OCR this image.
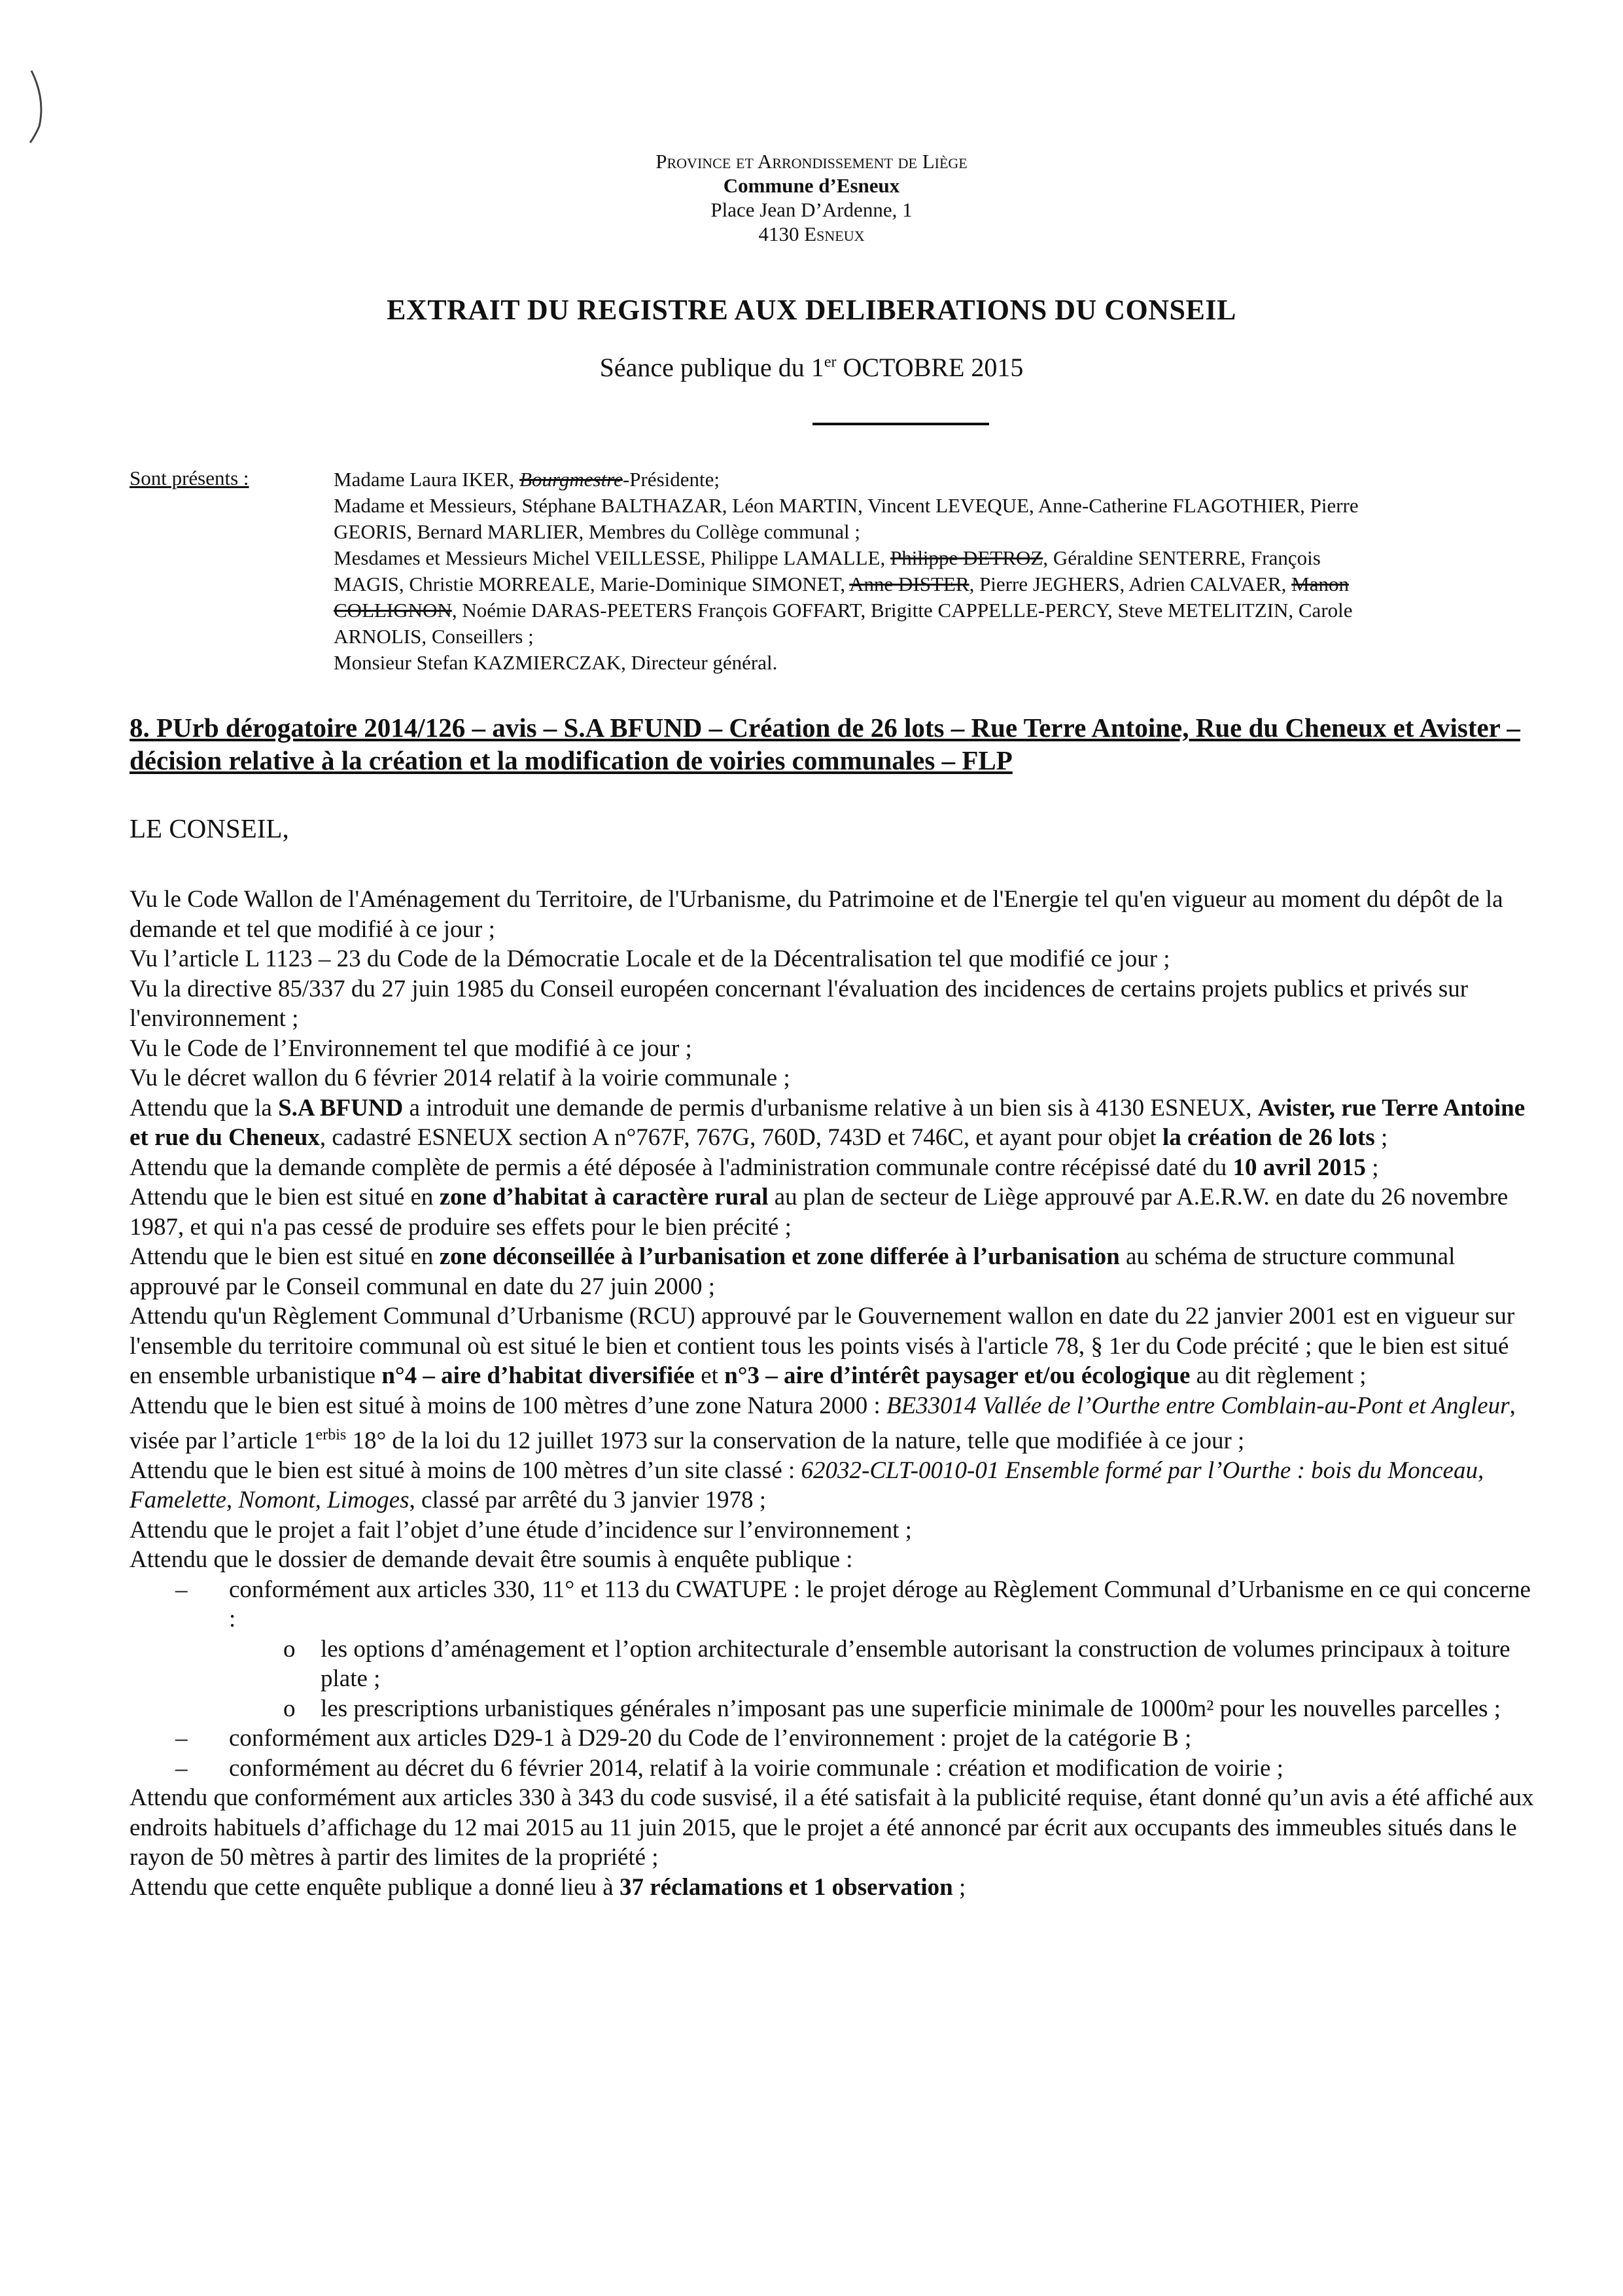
Province et Arrondissement de Liège
Commune d’Esneux
Place Jean D’Ardenne, 1
4130 Esneux
EXTRAIT DU REGISTRE AUX DELIBERATIONS DU CONSEIL
Séance publique du 1er OCTOBRE 2015
Sont présents :	Madame Laura IKER, Bourgmestre-Présidente;

Madame et Messieurs, Stéphane BALTHAZAR, Léon MARTIN, Vincent LEVEQUE, Anne-Catherine FLAGOTHIER, Pierre GEORIS, Bernard MARLIER, Membres du Collège communal ;

Mesdames et Messieurs Michel VEILLESSE, Philippe LAMALLE, Philippe DETROZ, Géraldine SENTERRE, François MAGIS, Christie MORREALE, Marie-Dominique SIMONET, Anne DISTER, Pierre JEGHERS, Adrien CALVAER, Manon COLLIGNON, Noémie DARAS-PEETERS François GOFFART, Brigitte CAPPELLE-PERCY, Steve METELITZIN, Carole ARNOLIS, Conseillers ;

Monsieur Stefan KAZMIERCZAK, Directeur général.

8. PUrb dérogatoire 2014/126 – avis – S.A BFUND – Création de 26 lots – Rue Terre Antoine, Rue du Cheneux et Avister – décision relative à la création et la modification de voiries communales – FLP
LE CONSEIL,

Vu le Code Wallon de l'Aménagement du Territoire, de l'Urbanisme, du Patrimoine et de l'Energie tel qu'en vigueur au moment du dépôt de la demande et tel que modifié à ce jour ;

Vu l’article L 1123 – 23 du Code de la Démocratie Locale et de la Décentralisation tel que modifié ce jour ;

Vu la directive 85/337 du 27 juin 1985 du Conseil européen concernant l'évaluation des incidences de certains projets publics et privés sur l'environnement ;

Vu le Code de l’Environnement tel que modifié à ce jour ;

Vu le décret wallon du 6 février 2014 relatif à la voirie communale ;

Attendu que la S.A BFUND a introduit une demande de permis d'urbanisme relative à un bien sis à 4130 ESNEUX, Avister, rue Terre Antoine et rue du Cheneux, cadastré ESNEUX section A n°767F, 767G, 760D, 743D et 746C, et ayant pour objet la création de 26 lots ;

Attendu que la demande complète de permis a été déposée à l'administration communale contre récépissé daté du 10 avril 2015 ;

Attendu que le bien est situé en zone d’habitat à caractère rural au plan de secteur de Liège approuvé par A.E.R.W. en date du 26 novembre 1987, et qui n'a pas cessé de produire ses effets pour le bien précité ;

Attendu que le bien est situé en zone déconseillée à l’urbanisation et zone differée à l’urbanisation au schéma de structure communal approuvé par le Conseil communal en date du 27 juin 2000 ;

Attendu qu'un Règlement Communal d’Urbanisme (RCU) approuvé par le Gouvernement wallon en date du 22 janvier 2001 est en vigueur sur l'ensemble du territoire communal où est situé le bien et contient tous les points visés à l'article 78, § 1er du Code précité ; que le bien est situé en ensemble urbanistique n°4 – aire d’habitat diversifiée et n°3 – aire d’intérêt paysager et/ou écologique au dit règlement ;

Attendu que le bien est situé à moins de 100 mètres d’une zone Natura 2000 : BE33014 Vallée de l’Ourthe entre Comblain-au-Pont et Angleur, visée par l’article $1^{erbis}$ 18° de la loi du 12 juillet 1973 sur la conservation de la nature, telle que modifiée à ce jour ;

Attendu que le bien est situé à moins de 100 mètres d’un site classé : 62032-CLT-0010-01 Ensemble formé par l’Ourthe : bois du Monceau, Famelette, Nomont, Limoges, classé par arrêté du 3 janvier 1978 ;

Attendu que le projet a fait l’objet d’une étude d’incidence sur l’environnement ;

Attendu que le dossier de demande devait être soumis à enquête publique :

– conformément aux articles 330, 11° et 113 du CWATUPE : le projet déroge au Règlement Communal d’Urbanisme en ce qui concerne :

o les options d’aménagement et l’option architecturale d’ensemble autorisant la construction de volumes principaux à toiture plate ;

o les prescriptions urbanistiques générales n’imposant pas une superficie minimale de 1000m² pour les nouvelles parcelles ;

– conformément aux articles D29-1 à D29-20 du Code de l’environnement : projet de la catégorie B ;

– conformément au décret du 6 février 2014, relatif à la voirie communale : création et modification de voirie ;

Attendu que conformément aux articles 330 à 343 du code susvisé, il a été satisfait à la publicité requise, étant donné qu’un avis a été affiché aux endroits habituels d’affichage du 12 mai 2015 au 11 juin 2015, que le projet a été annoncé par écrit aux occupants des immeubles situés dans le rayon de 50 mètres à partir des limites de la propriété ;

Attendu que cette enquête publique a donné lieu à 37 réclamations et 1 observation ;
